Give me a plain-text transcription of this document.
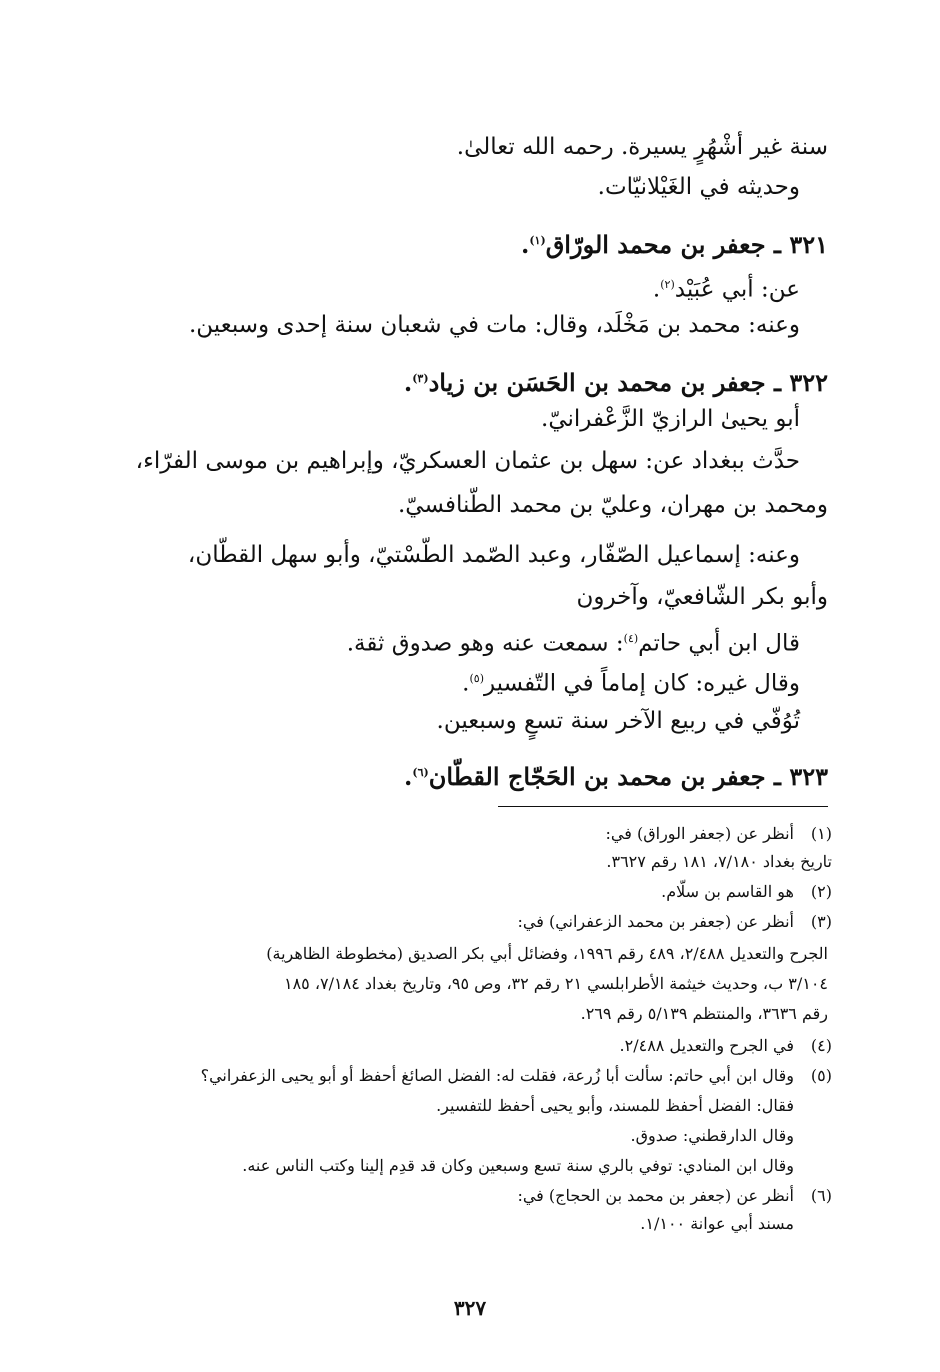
سنة غير أشْهُرٍ يسيرة. رحمه الله تعالىٰ.
وحديثه في الغَيْلانيّات.
٣٢١ ـ جعفر بن محمد الورّاق$^{(١)}$.
عن: أبي عُبَيْد$^{(٢)}$.
وعنه: محمد بن مَخْلَد، وقال: مات في شعبان سنة إحدى وسبعين.
٣٢٢ ـ جعفر بن محمد بن الحَسَن بن زياد$^{(٣)}$.
أبو يحيىٰ الرازيّ الزَّعْفرانيّ.
حدَّث ببغداد عن: سهل بن عثمان العسكريّ، وإبراهيم بن موسى الفرّاء،
ومحمد بن مهران، وعليّ بن محمد الطّنافسيّ.
وعنه: إسماعيل الصّفّار، وعبد الصّمد الطّسْتيّ، وأبو سهل القطّان،
وأبو بكر الشّافعيّ، وآخرون
قال ابن أبي حاتم$^{(٤)}$: سمعت عنه وهو صدوق ثقة.
وقال غيره: كان إماماً في التّفسير$^{(٥)}$.
تُوُفّي في ربيع الآخر سنة تسعٍ وسبعين.
٣٢٣ ـ جعفر بن محمد بن الحَجّاج القطّان$^{(٦)}$.
(١)أنظر عن (جعفر الوراق) في:
تاريخ بغداد ٧/١٨٠، ١٨١ رقم ٣٦٢٧.
(٢)هو القاسم بن سلّام.
(٣)أنظر عن (جعفر بن محمد الزعفراني) في:
الجرح والتعديل ٢/٤٨٨، ٤٨٩ رقم ١٩٩٦، وفضائل أبي بكر الصديق (مخطوطة الظاهرية)
٣/١٠٤ ب، وحديث خيثمة الأطرابلسي ٢١ رقم ٣٢، وص ٩٥، وتاريخ بغداد ٧/١٨٤، ١٨٥
رقم ٣٦٣٦، والمنتظم ٥/١٣٩ رقم ٢٦٩.
(٤)في الجرح والتعديل ٢/٤٨٨.
(٥)وقال ابن أبي حاتم: سألت أبا زُرعة، فقلت له: الفضل الصائغ أحفظ أو أبو يحيى الزعفراني؟
فقال: الفضل أحفظ للمسند، وأبو يحيى أحفظ للتفسير.
وقال الدارقطني: صدوق.
وقال ابن المنادي: توفي بالري سنة تسع وسبعين وكان قد قدِم إلينا وكتب الناس عنه.
(٦)أنظر عن (جعفر بن محمد بن الحجاج) في:
مسند أبي عوانة ١/١٠٠.
٣٢٧
